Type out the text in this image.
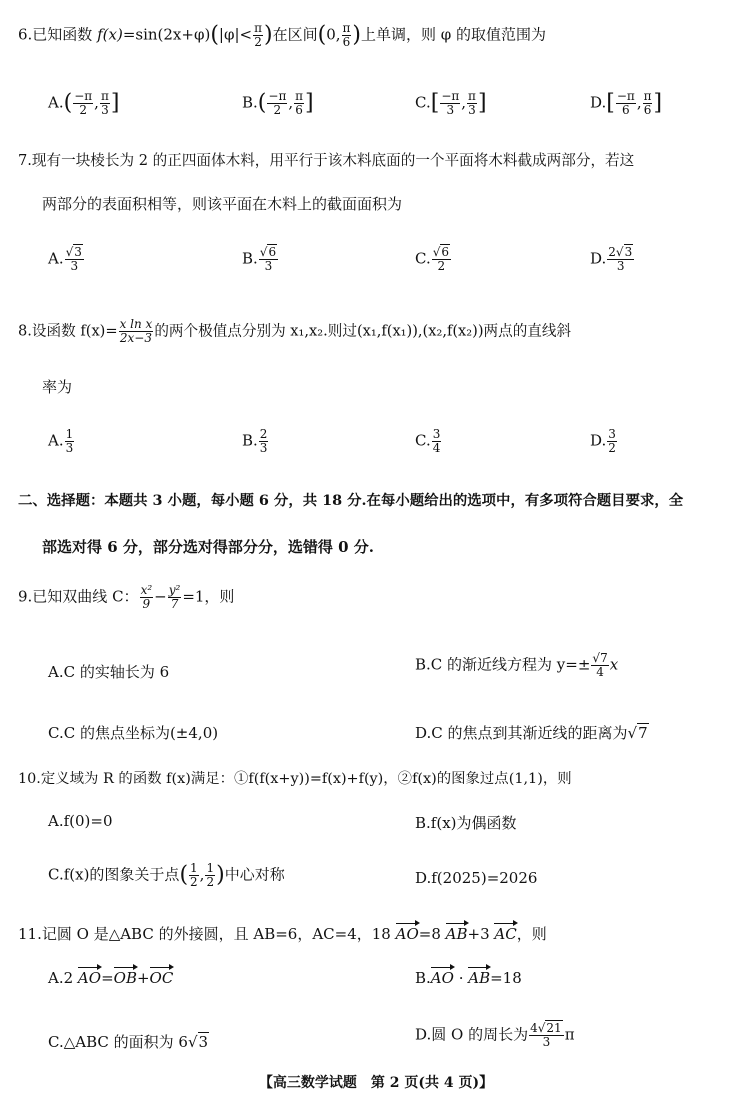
6.已知函数 $f(x)=\sin(2x+\varphi)(|\varphi|< \frac{\pi}{2}$ )在区间(0, $\frac{\pi}{6}$ )上单调，则 φ 的取值范围为
$A.( \frac{-\pi}{2}$ , $\frac{\pi}{3}$ ]	$B.( \frac{-\pi}{2}$ , $\frac{\pi}{6}$ ]	$C.[ \frac{-\pi}{3}$ , $\frac{\pi}{3}$ ]	$D.[ \frac{-\pi}{6}$ , $\frac{\pi}{6}$ ]
7.现有一块棱长为 2 的正四面体木料，用平行于该木料底面的一个平面将木料截成两部分，若这
两部分的表面积相等，则该平面在木料上的截面面积为
A. $\frac{√3}{3}$	B. $\frac{√6}{3}$	C. $\frac{√6}{2}$	D. $\frac{2√3}{3}$
8.设函数 $f(x)= \frac{\text{x ln x}}{2x-3}$ 的两个极值点分别为 x₁,x₂.则过(x₁,f(x₁)),(x₂,f(x₂))两点的直线斜
率为
A. $\frac{1}{3}$	B. $\frac{2}{3}$	C. $\frac{3}{4}$	D. $\frac{3}{2}$
二、选择题：本题共 3 小题，每小题 6 分，共 18 分.在每小题给出的选项中，有多项符合题目要求，全
部选对得 6 分，部分选对得部分分，选错得 0 分.
9.已知双曲线 C： $\frac{\text{x²}}{9} - \frac{\text{y²}}{7} =1$，则
A.C 的实轴长为 6	B.C 的渐近线方程为 $y=\pm \frac{√7}{4}$ x
C.C 的焦点坐标为(±4,0)	D.C 的焦点到其渐近线的距离为√7
10.定义域为 R 的函数 f(x)满足：①f(f(x+y))=f(x)+f(y)，②f(x)的图象过点(1,1)，则
A.f(0)=0	B.f(x)为偶函数
C.f(x)的图象关于点( $\frac{1}{2}$ , $\frac{1}{2}$ )中心对称	D.f(2025)=2026
11.记圆 O 是△ABC 的外接圆，且 AB=6，AC=4，18 AO=8 AB+3 AC，则
A.2 AO=OB+OC	B.AO · AB=18
C.△ABC 的面积为 6√3	D.圆 O 的周长为 $\frac{4√21}{3}$ π
【高三数学试题　第 2 页(共 4 页)】
